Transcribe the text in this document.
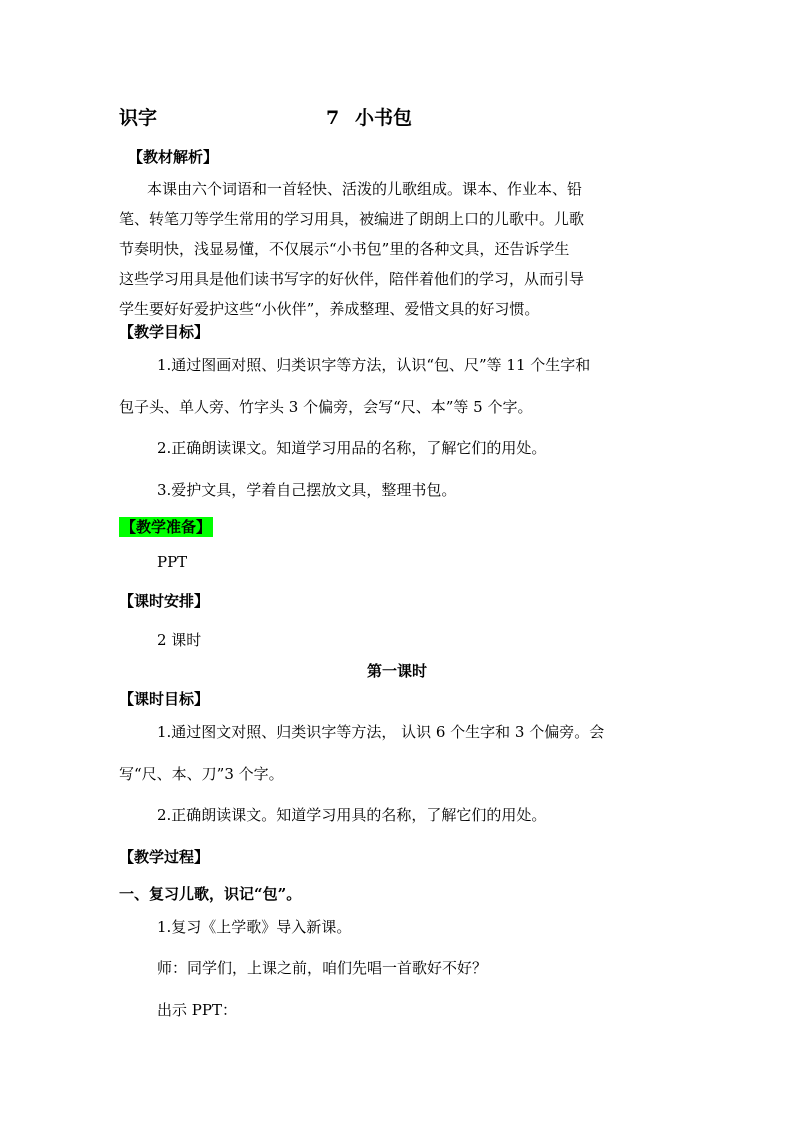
识字	7 小书包
【教材解析】
本课由六个词语和一首轻快、活泼的儿歌组成。课本、作业本、铅
笔、转笔刀等学生常用的学习用具，被编进了朗朗上口的儿歌中。儿歌
节奏明快，浅显易懂，不仅展示“小书包”里的各种文具，还告诉学生
这些学习用具是他们读书写字的好伙伴，陪伴着他们的学习，从而引导
学生要好好爱护这些“小伙伴”，养成整理、爱惜文具的好习惯。
【教学目标】
1.通过图画对照、归类识字等方法，认识“包、尺”等 11 个生字和
包子头、单人旁、竹字头 3 个偏旁，会写“尺、本”等 5 个字。
2.正确朗读课文。知道学习用品的名称，了解它们的用处。
3.爱护文具，学着自己摆放文具，整理书包。
【教学准备】
PPT
【课时安排】
2 课时
第一课时
【课时目标】
1.通过图文对照、归类识字等方法， 认识 6 个生字和 3 个偏旁。会
写“尺、本、刀”3 个字。
2.正确朗读课文。知道学习用具的名称，了解它们的用处。
【教学过程】
一、复习儿歌，识记“包”。
1.复习《上学歌》导入新课。
师：同学们，上课之前，咱们先唱一首歌好不好？
出示 PPT：
